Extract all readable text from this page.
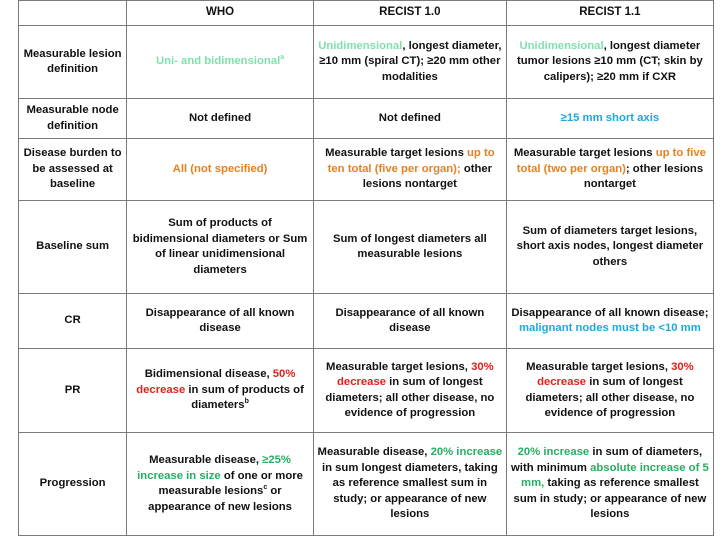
	WHO	RECIST 1.0	RECIST 1.1
Measurable lesion definition	Uni- and bidimensional$^a$	Unidimensional, longest diameter, ≥10 mm (spiral CT); ≥20 mm other modalities	Unidimensional, longest diameter tumor lesions ≥10 mm (CT; skin by calipers); ≥20 mm if CXR
Measurable node definition	Not defined	Not defined	≥15 mm short axis
Disease burden to be assessed at baseline	All (not specified)	Measurable target lesions up to ten total (five per organ); other lesions nontarget	Measurable target lesions up to five total (two per organ); other lesions nontarget
Baseline sum	Sum of products of bidimensional diameters or Sum of linear unidimensional diameters	Sum of longest diameters all measurable lesions	Sum of diameters target lesions, short axis nodes, longest diameter others
CR	Disappearance of all known disease	Disappearance of all known disease	Disappearance of all known disease; malignant nodes must be <10 mm
PR	Bidimensional disease, 50% decrease in sum of products of diameters$^b$	Measurable target lesions, 30% decrease in sum of longest diameters; all other disease, no evidence of progression	Measurable target lesions, 30% decrease in sum of longest diameters; all other disease, no evidence of progression
Progression	Measurable disease, ≥25% increase in size of one or more measurable lesions$^c$ or appearance of new lesions	Measurable disease, 20% increase in sum longest diameters, taking as reference smallest sum in study; or appearance of new lesions	20% increase in sum of diameters, with minimum absolute increase of 5 mm, taking as reference smallest sum in study; or appearance of new lesions
